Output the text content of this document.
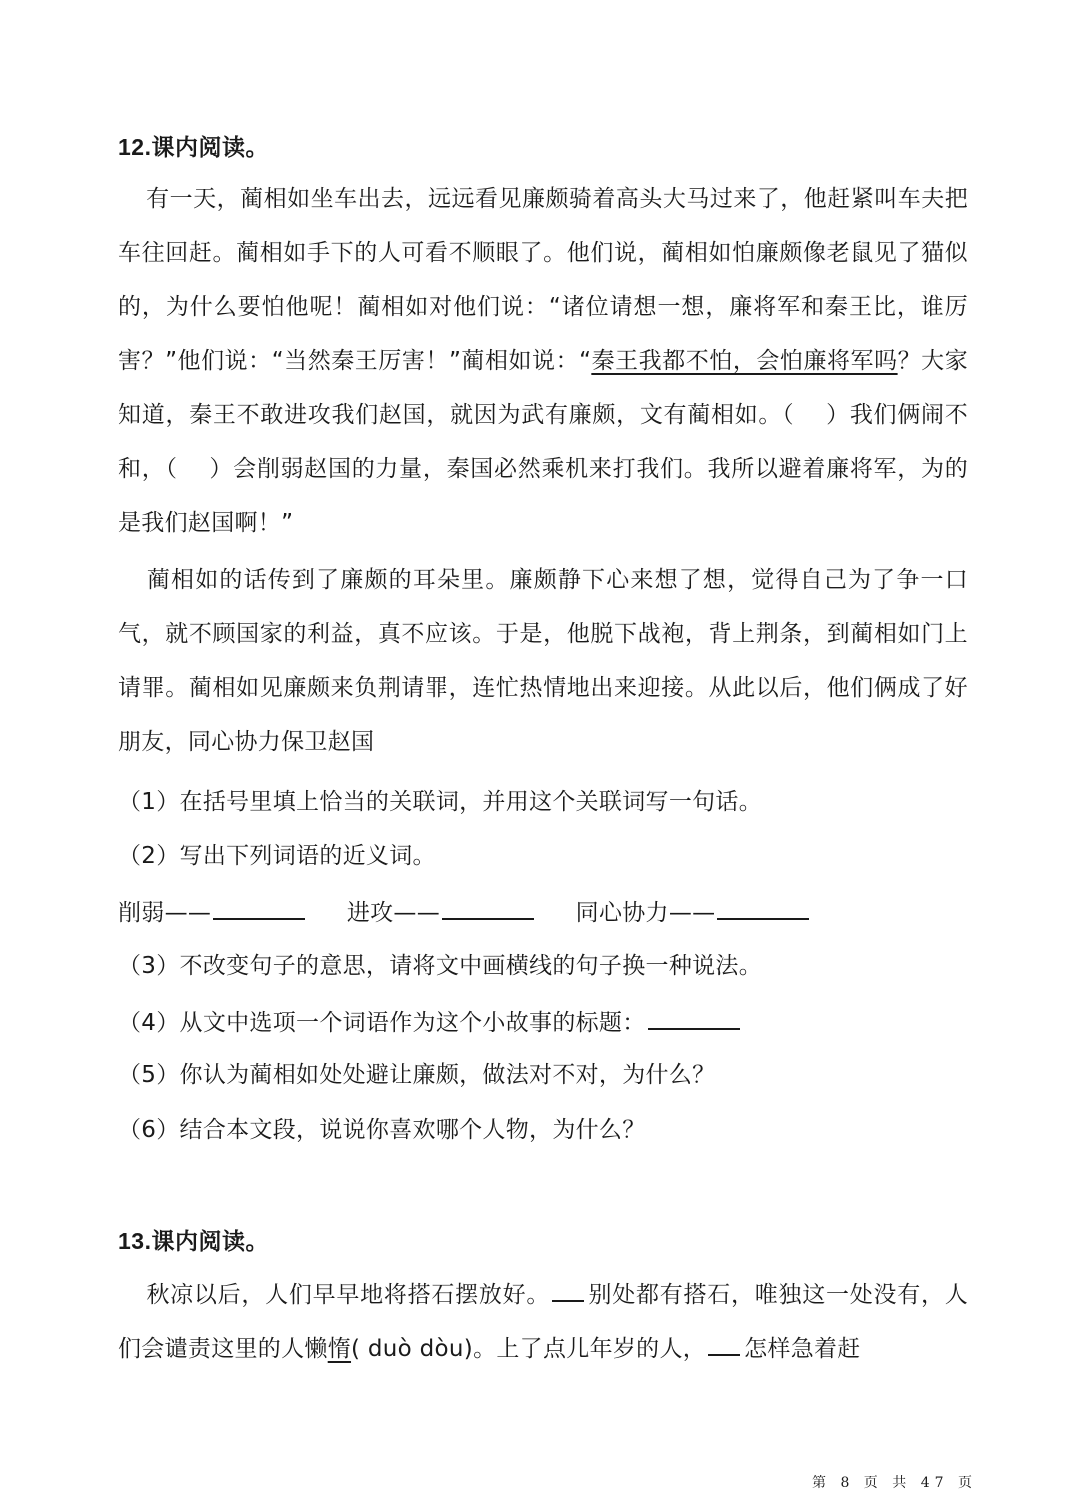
12.课内阅读。

有一天，蔺相如坐车出去，远远看见廉颇骑着高头大马过来了，他赶紧叫车夫把车往回赶。蔺相如手下的人可看不顺眼了。他们说，蔺相如怕廉颇像老鼠见了猫似的，为什么要怕他呢！蔺相如对他们说：“诸位请想一想，廉将军和秦王比，谁厉害？”他们说：“当然秦王厉害！”蔺相如说：“秦王我都不怕，会怕廉将军吗？大家知道，秦王不敢进攻我们赵国，就因为武有廉颇，文有蔺相如。（　 ）我们俩闹不和，（　 ）会削弱赵国的力量，秦国必然乘机来打我们。我所以避着廉将军，为的是我们赵国啊！”

蔺相如的话传到了廉颇的耳朵里。廉颇静下心来想了想，觉得自己为了争一口气，就不顾国家的利益，真不应该。于是，他脱下战袍，背上荆条，到蔺相如门上请罪。蔺相如见廉颇来负荆请罪，连忙热情地出来迎接。从此以后，他们俩成了好朋友，同心协力保卫赵国

（1）在括号里填上恰当的关联词，并用这个关联词写一句话。
（2）写出下列词语的近义词。
削弱——	进攻——	同心协力——
（3）不改变句子的意思，请将文中画横线的句子换一种说法。
（4）从文中选项一个词语作为这个小故事的标题：
（5）你认为蔺相如处处避让廉颇，做法对不对，为什么？
（6）结合本文段，说说你喜欢哪个人物，为什么？
13.课内阅读。

秋凉以后，人们早早地将搭石摆放好。 别处都有搭石，唯独这一处没有，人们会谴责这里的人懒惰( duò dòu)。上了点儿年岁的人， 怎样急着赶

第 8 页 共 47 页
